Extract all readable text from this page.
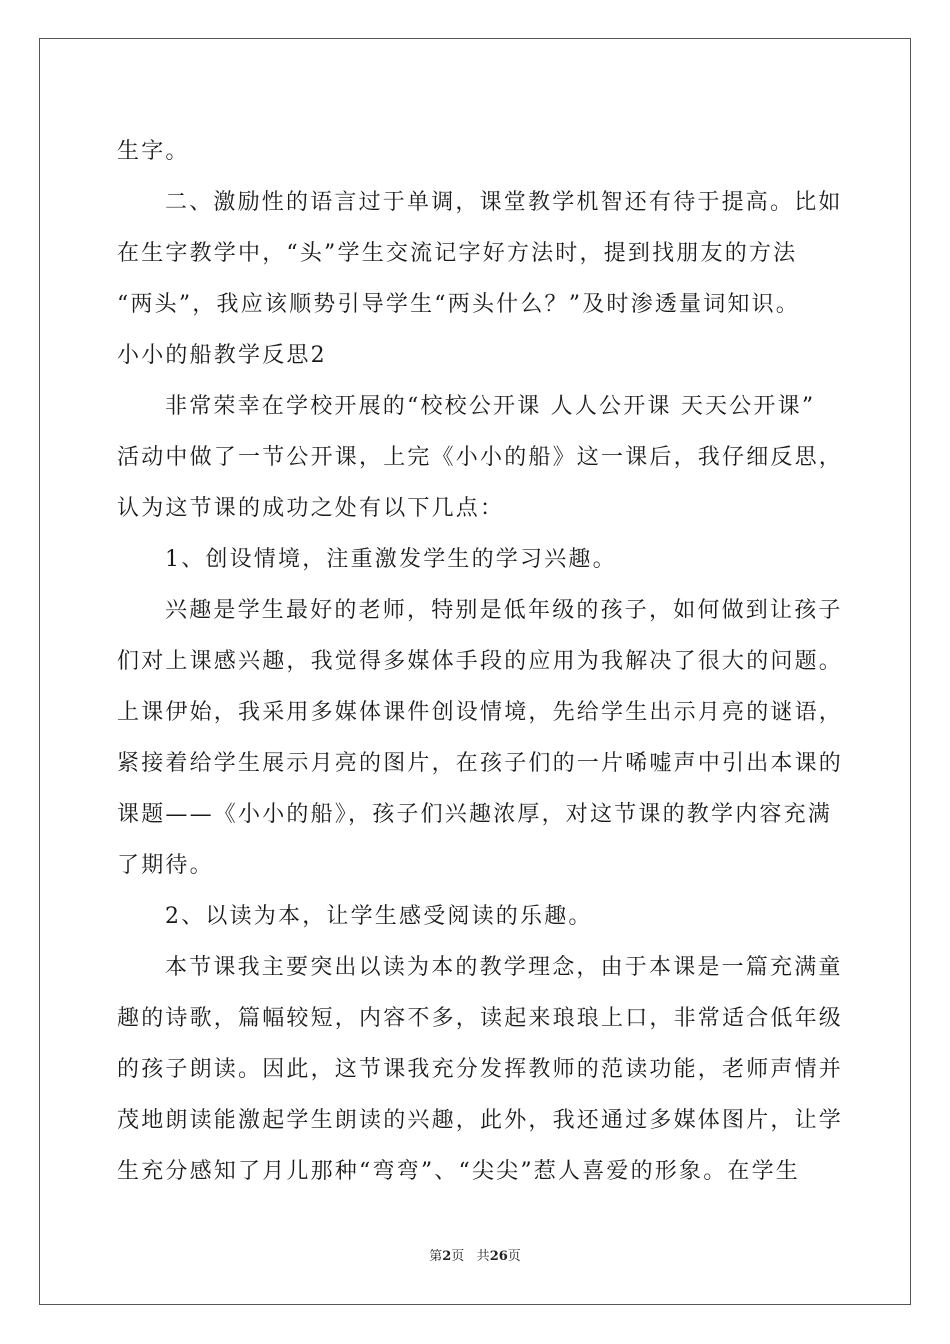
生字。
二、激励性的语言过于单调，课堂教学机智还有待于提高。比如
在生字教学中，“头”学生交流记字好方法时，提到找朋友的方法
“两头”，我应该顺势引导学生“两头什么？”及时渗透量词知识。
小小的船教学反思2
非常荣幸在学校开展的“校校公开课 人人公开课 天天公开课”
活动中做了一节公开课，上完《小小的船》这一课后，我仔细反思，
认为这节课的成功之处有以下几点：
1、创设情境，注重激发学生的学习兴趣。
兴趣是学生最好的老师，特别是低年级的孩子，如何做到让孩子
们对上课感兴趣，我觉得多媒体手段的应用为我解决了很大的问题。
上课伊始，我采用多媒体课件创设情境，先给学生出示月亮的谜语，
紧接着给学生展示月亮的图片，在孩子们的一片唏嘘声中引出本课的
课题——《小小的船》，孩子们兴趣浓厚，对这节课的教学内容充满
了期待。
2、以读为本，让学生感受阅读的乐趣。
本节课我主要突出以读为本的教学理念，由于本课是一篇充满童
趣的诗歌，篇幅较短，内容不多，读起来琅琅上口，非常适合低年级
的孩子朗读。因此，这节课我充分发挥教师的范读功能，老师声情并
茂地朗读能激起学生朗读的兴趣，此外，我还通过多媒体图片，让学
生充分感知了月儿那种“弯弯”、“尖尖”惹人喜爱的形象。在学生
第2页 共26页
